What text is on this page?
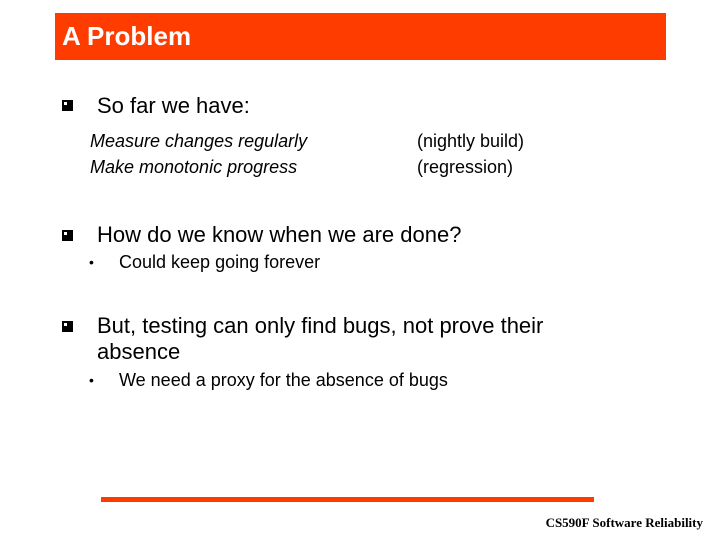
A Problem
So far we have:
Measure changes regularly	(nightly build)
Make monotonic progress	(regression)
How do we know when we are done?
• Could keep going forever
But, testing can only find bugs, not prove their absence
• We need a proxy for the absence of bugs
CS590F Software Reliability
